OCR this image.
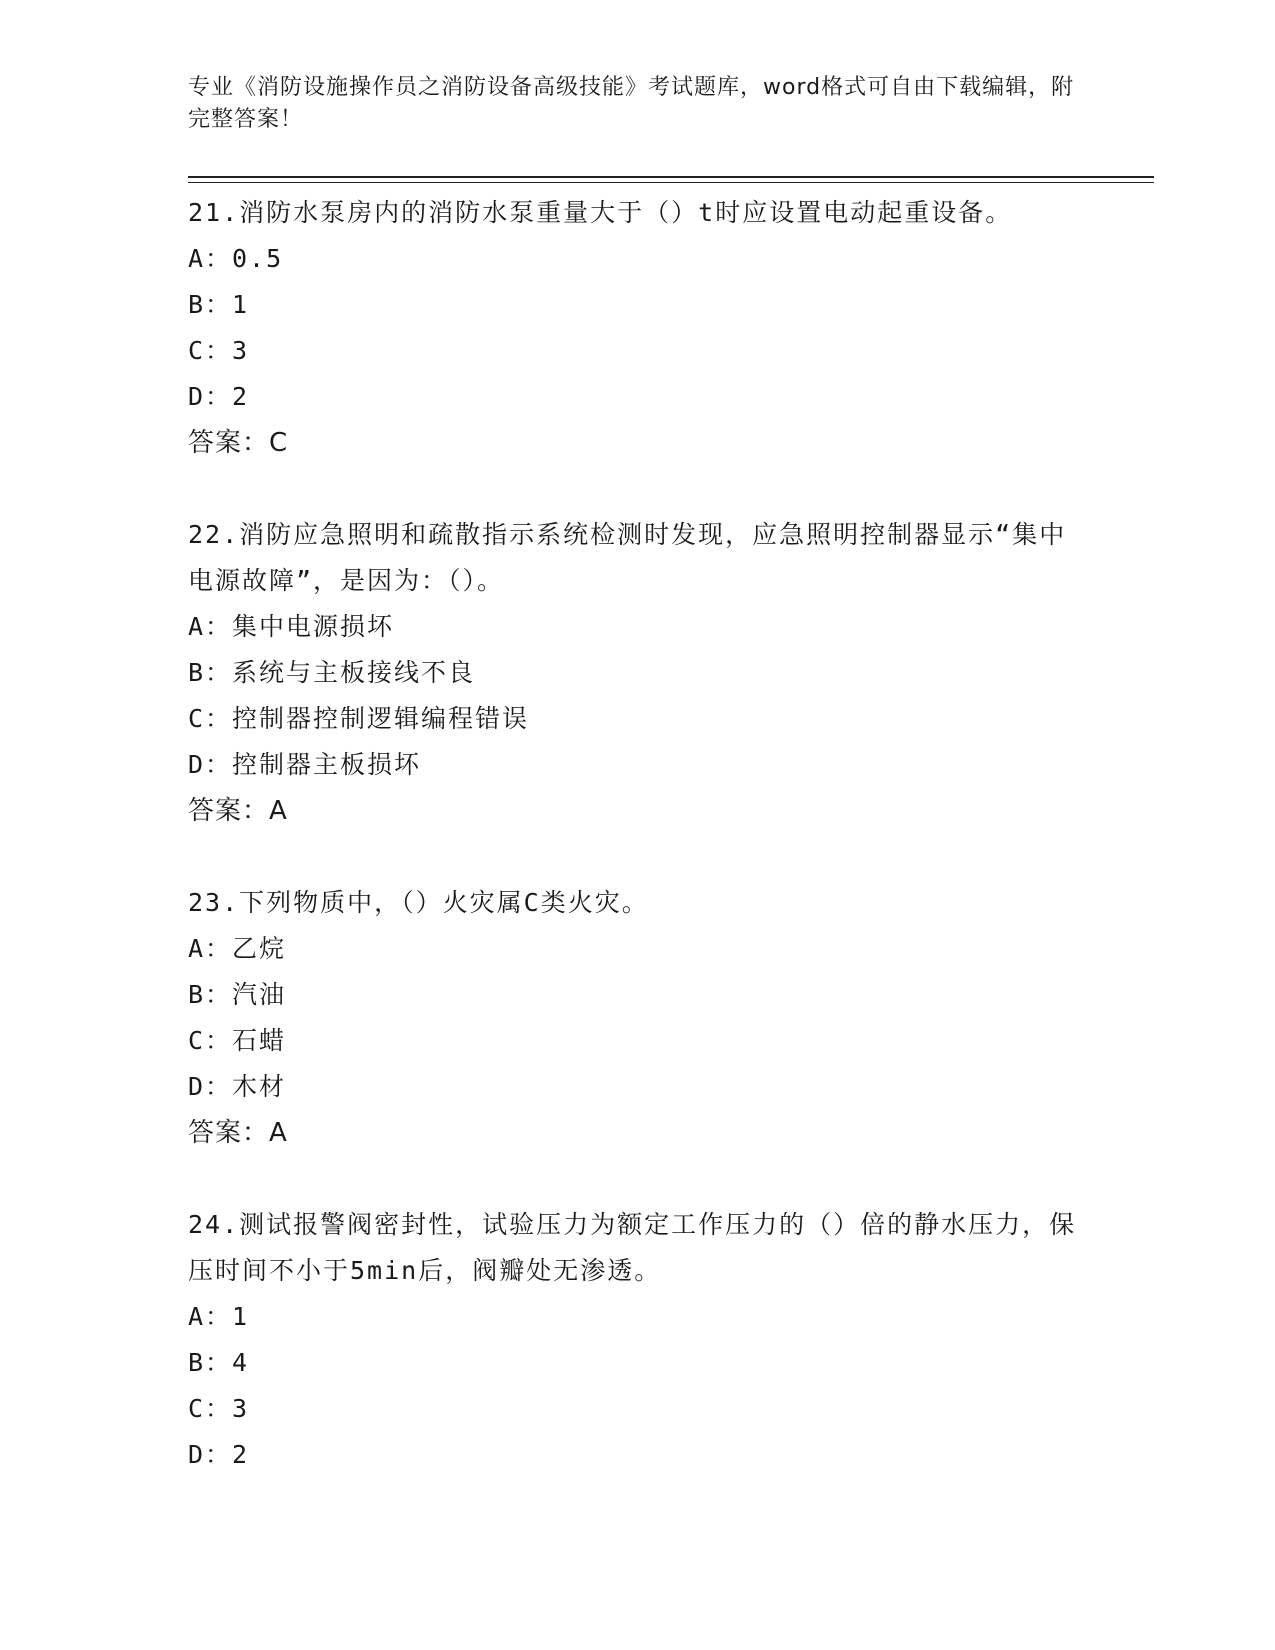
专业《消防设施操作员之消防设备高级技能》考试题库，word格式可自由下载编辑，附完整答案！
21.消防水泵房内的消防水泵重量大于（）t时应设置电动起重设备。
A：0.5
B：1
C：3
D：2
答案：C
22.消防应急照明和疏散指示系统检测时发现，应急照明控制器显示“集中电源故障”，是因为：（）。
A：集中电源损坏
B：系统与主板接线不良
C：控制器控制逻辑编程错误
D：控制器主板损坏
答案：A
23.下列物质中，（）火灾属C类火灾。
A：乙烷
B：汽油
C：石蜡
D：木材
答案：A
24.测试报警阀密封性，试验压力为额定工作压力的（）倍的静水压力，保压时间不小于5min后，阀瓣处无渗透。
A：1
B：4
C：3
D：2
